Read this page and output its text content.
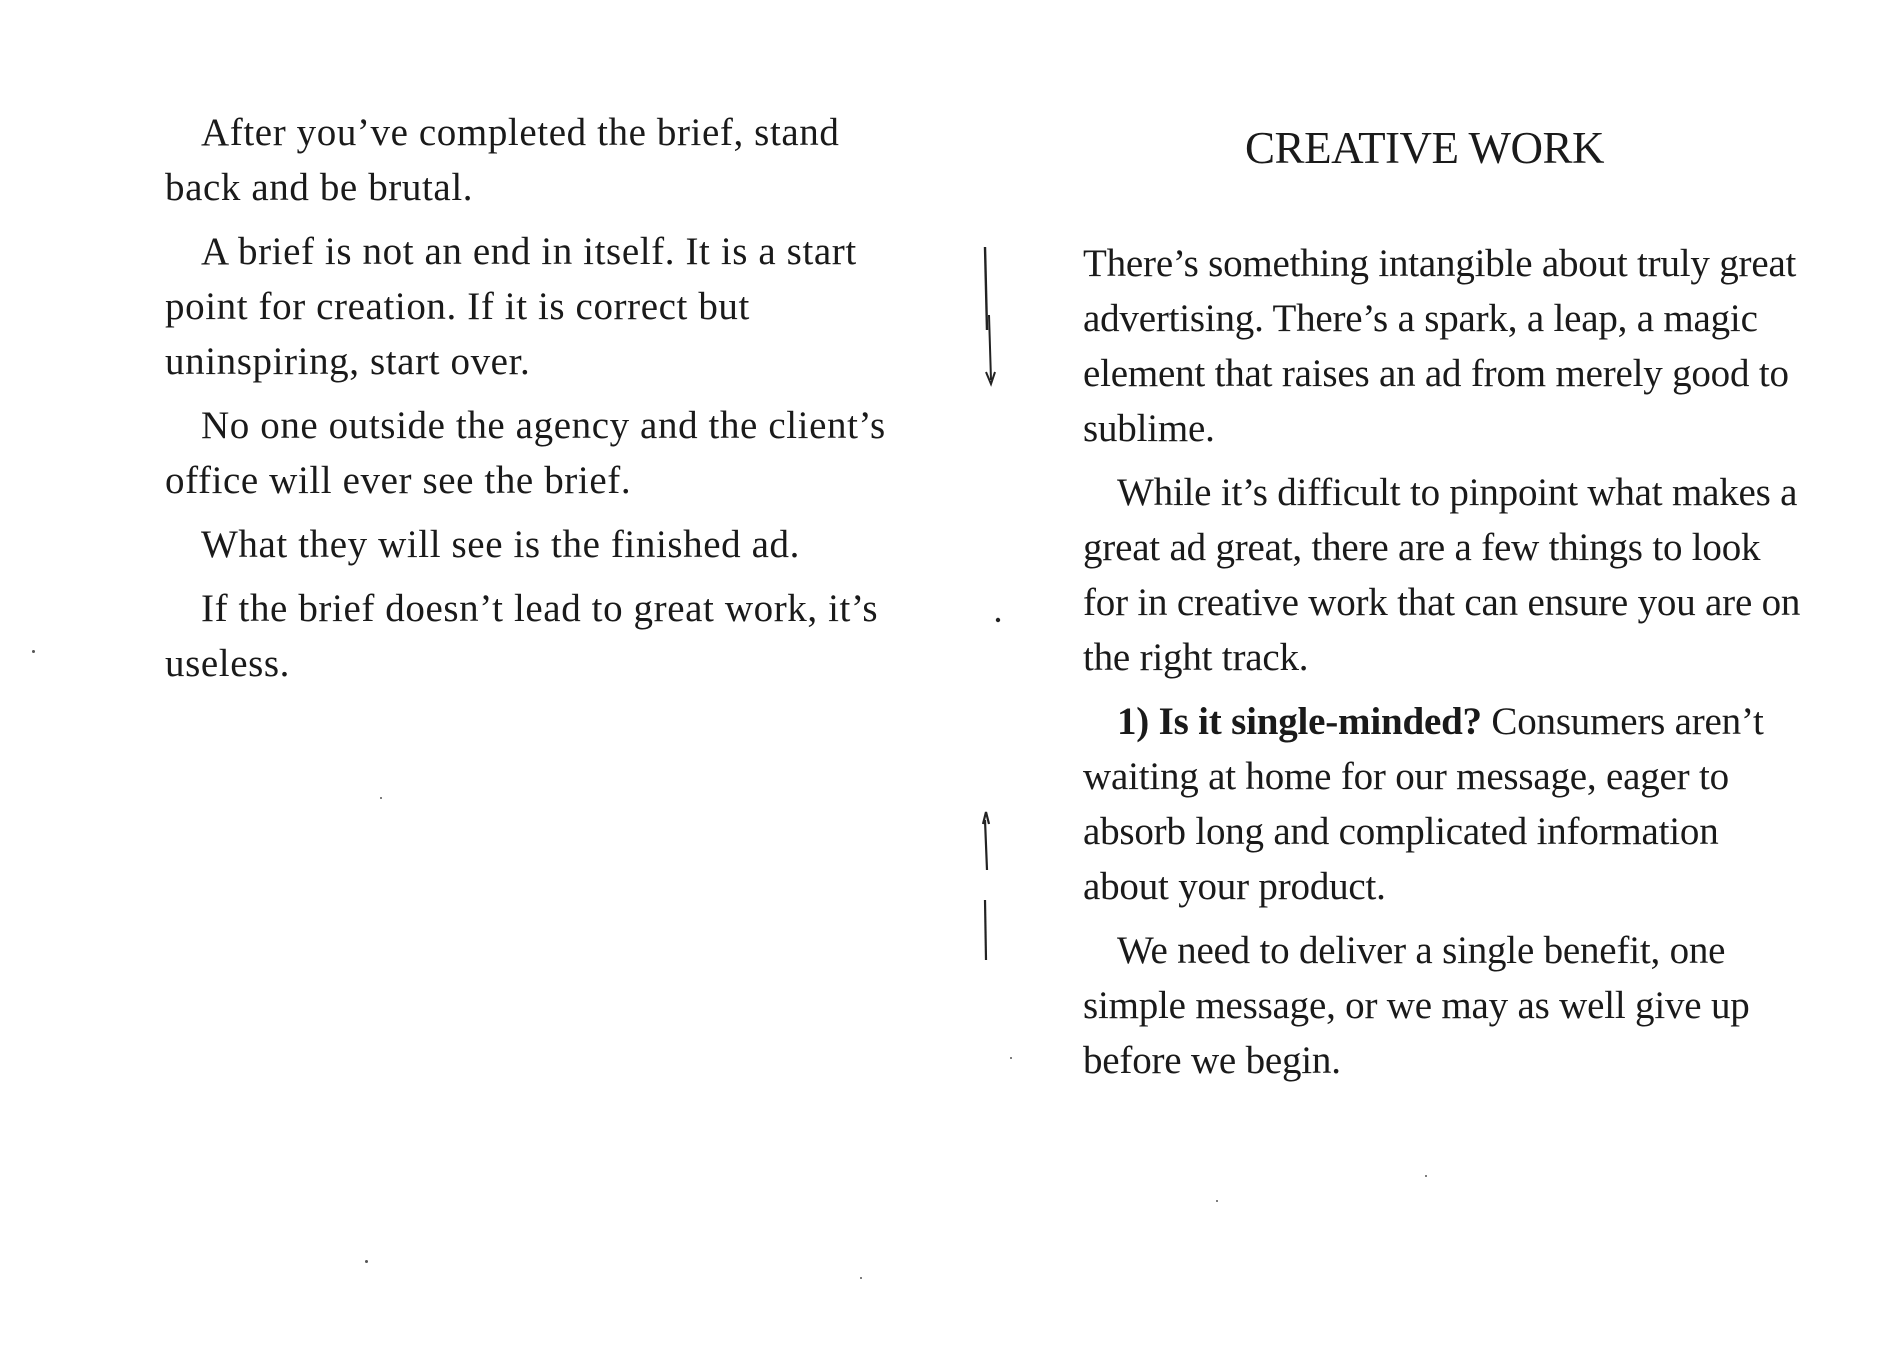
After you’ve completed the brief, stand back and be brutal.

A brief is not an end in itself. It is a start point for creation. If it is correct but uninspiring, start over.

No one outside the agency and the client’s office will ever see the brief.

What they will see is the finished ad.

If the brief doesn’t lead to great work, it’s useless.

CREATIVE WORK

There’s something intangible about truly great advertising. There’s a spark, a leap, a magic element that raises an ad from merely good to sublime.

While it’s difficult to pinpoint what makes a great ad great, there are a few things to look for in creative work that can ensure you are on the right track.

1) Is it single-minded? Consumers aren’t waiting at home for our message, eager to absorb long and complicated information about your product.

We need to deliver a single benefit, one simple message, or we may as well give up before we begin.
